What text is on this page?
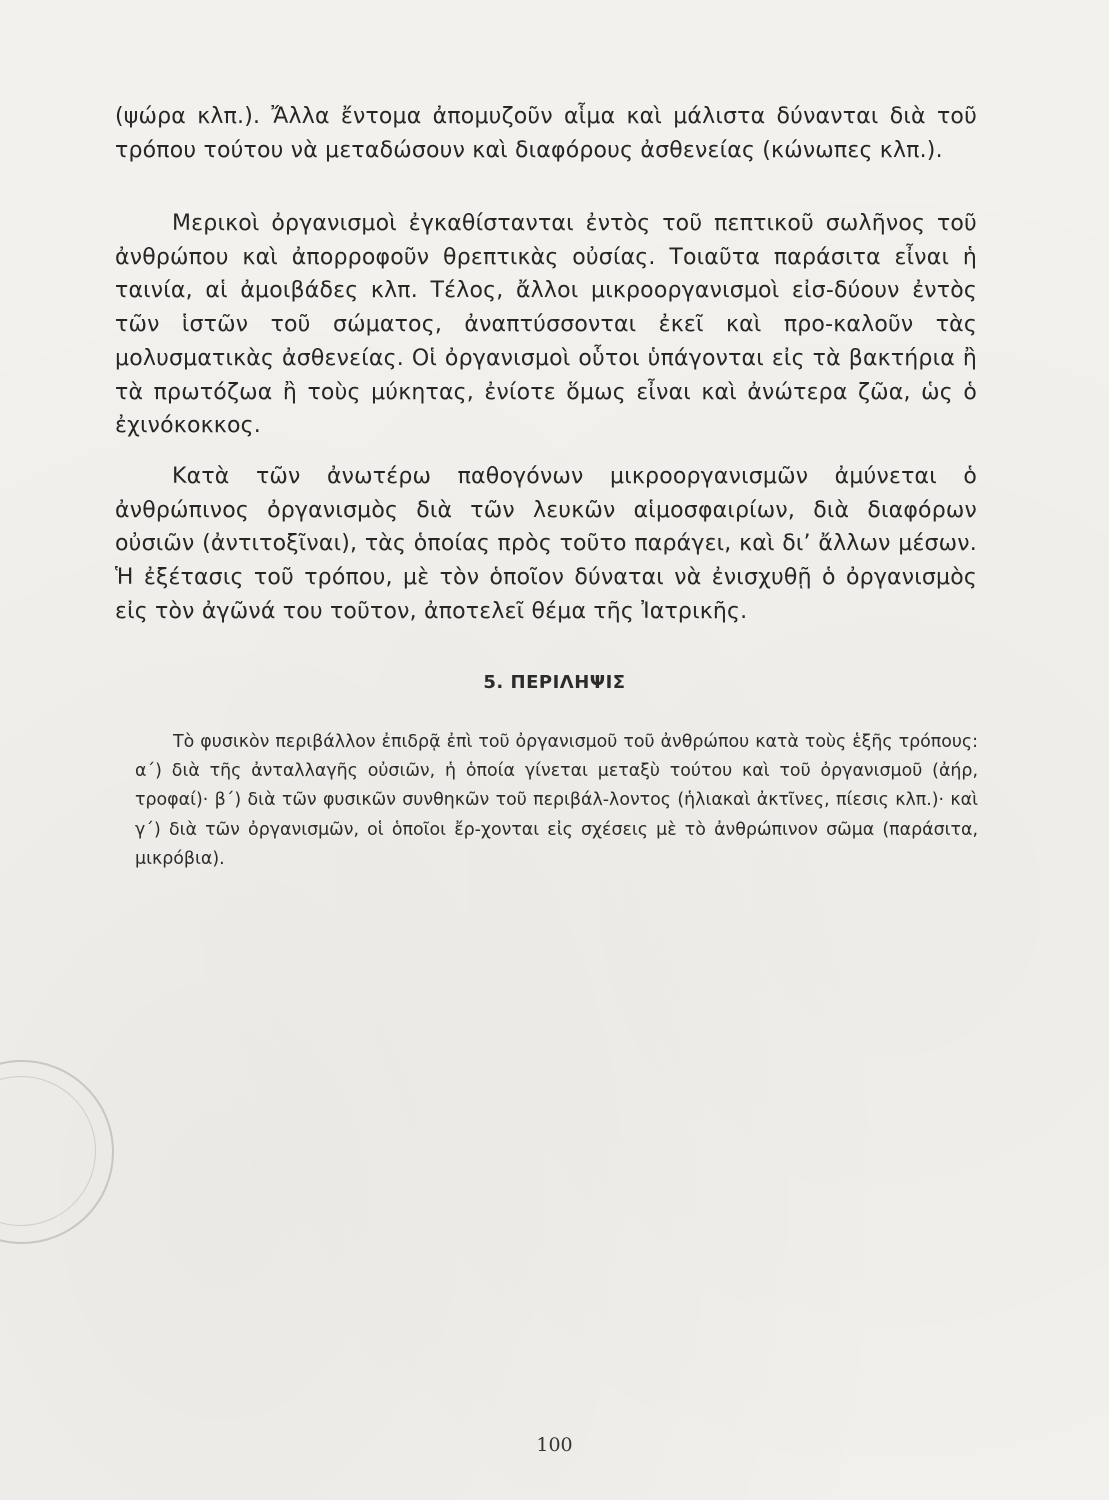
(ψώρα κλπ.). Ἄλλα ἔντομα ἀπομυζοῦν αἷμα καὶ μάλιστα δύνανται διὰ τοῦ τρόπου τούτου νὰ μεταδώσουν καὶ διαφόρους ἀσθενείας (κώνωπες κλπ.).

Μερικοὶ ὀργανισμοὶ ἐγκαθίστανται ἐντὸς τοῦ πεπτικοῦ σωλῆνος τοῦ ἀνθρώπου καὶ ἀπορροφοῦν θρεπτικὰς οὐσίας. Τοιαῦτα παράσιτα εἶναι ἡ ταινία, αἱ ἀμοιβάδες κλπ. Τέλος, ἄλλοι μικροοργανισμοὶ εἰσ-δύουν ἐντὸς τῶν ἱστῶν τοῦ σώματος, ἀναπτύσσονται ἐκεῖ καὶ προ-καλοῦν τὰς μολυσματικὰς ἀσθενείας. Οἱ ὀργανισμοὶ οὗτοι ὑπάγονται εἰς τὰ βακτήρια ἢ τὰ πρωτόζωα ἢ τοὺς μύκητας, ἐνίοτε ὅμως εἶναι καὶ ἀνώτερα ζῶα, ὡς ὁ ἐχινόκοκκος.

Κατὰ τῶν ἀνωτέρω παθογόνων μικροοργανισμῶν ἀμύνεται ὁ ἀνθρώπινος ὀργανισμὸς διὰ τῶν λευκῶν αἱμοσφαιρίων, διὰ διαφόρων οὐσιῶν (ἀντιτοξῖναι), τὰς ὁποίας πρὸς τοῦτο παράγει, καὶ δι’ ἄλλων μέσων. Ἡ ἐξέτασις τοῦ τρόπου, μὲ τὸν ὁποῖον δύναται νὰ ἐνισχυθῇ ὁ ὀργανισμὸς εἰς τὸν ἀγῶνά του τοῦτον, ἀποτελεῖ θέμα τῆς Ἰατρικῆς.

5. ΠΕΡΙΛΗΨΙΣ

Τὸ φυσικὸν περιβάλλον ἐπιδρᾷ ἐπὶ τοῦ ὀργανισμοῦ τοῦ ἀνθρώπου κατὰ τοὺς ἑξῆς τρόπους: α΄) διὰ τῆς ἀνταλλαγῆς οὐσιῶν, ἡ ὁποία γίνεται μεταξὺ τούτου καὶ τοῦ ὀργανισμοῦ (ἀήρ, τροφαί)· β΄) διὰ τῶν φυσικῶν συνθηκῶν τοῦ περιβάλ-λοντος (ἡλιακαὶ ἀκτῖνες, πίεσις κλπ.)· καὶ γ΄) διὰ τῶν ὀργανισμῶν, οἱ ὁποῖοι ἔρ-χονται εἰς σχέσεις μὲ τὸ ἀνθρώπινον σῶμα (παράσιτα, μικρόβια).

100
